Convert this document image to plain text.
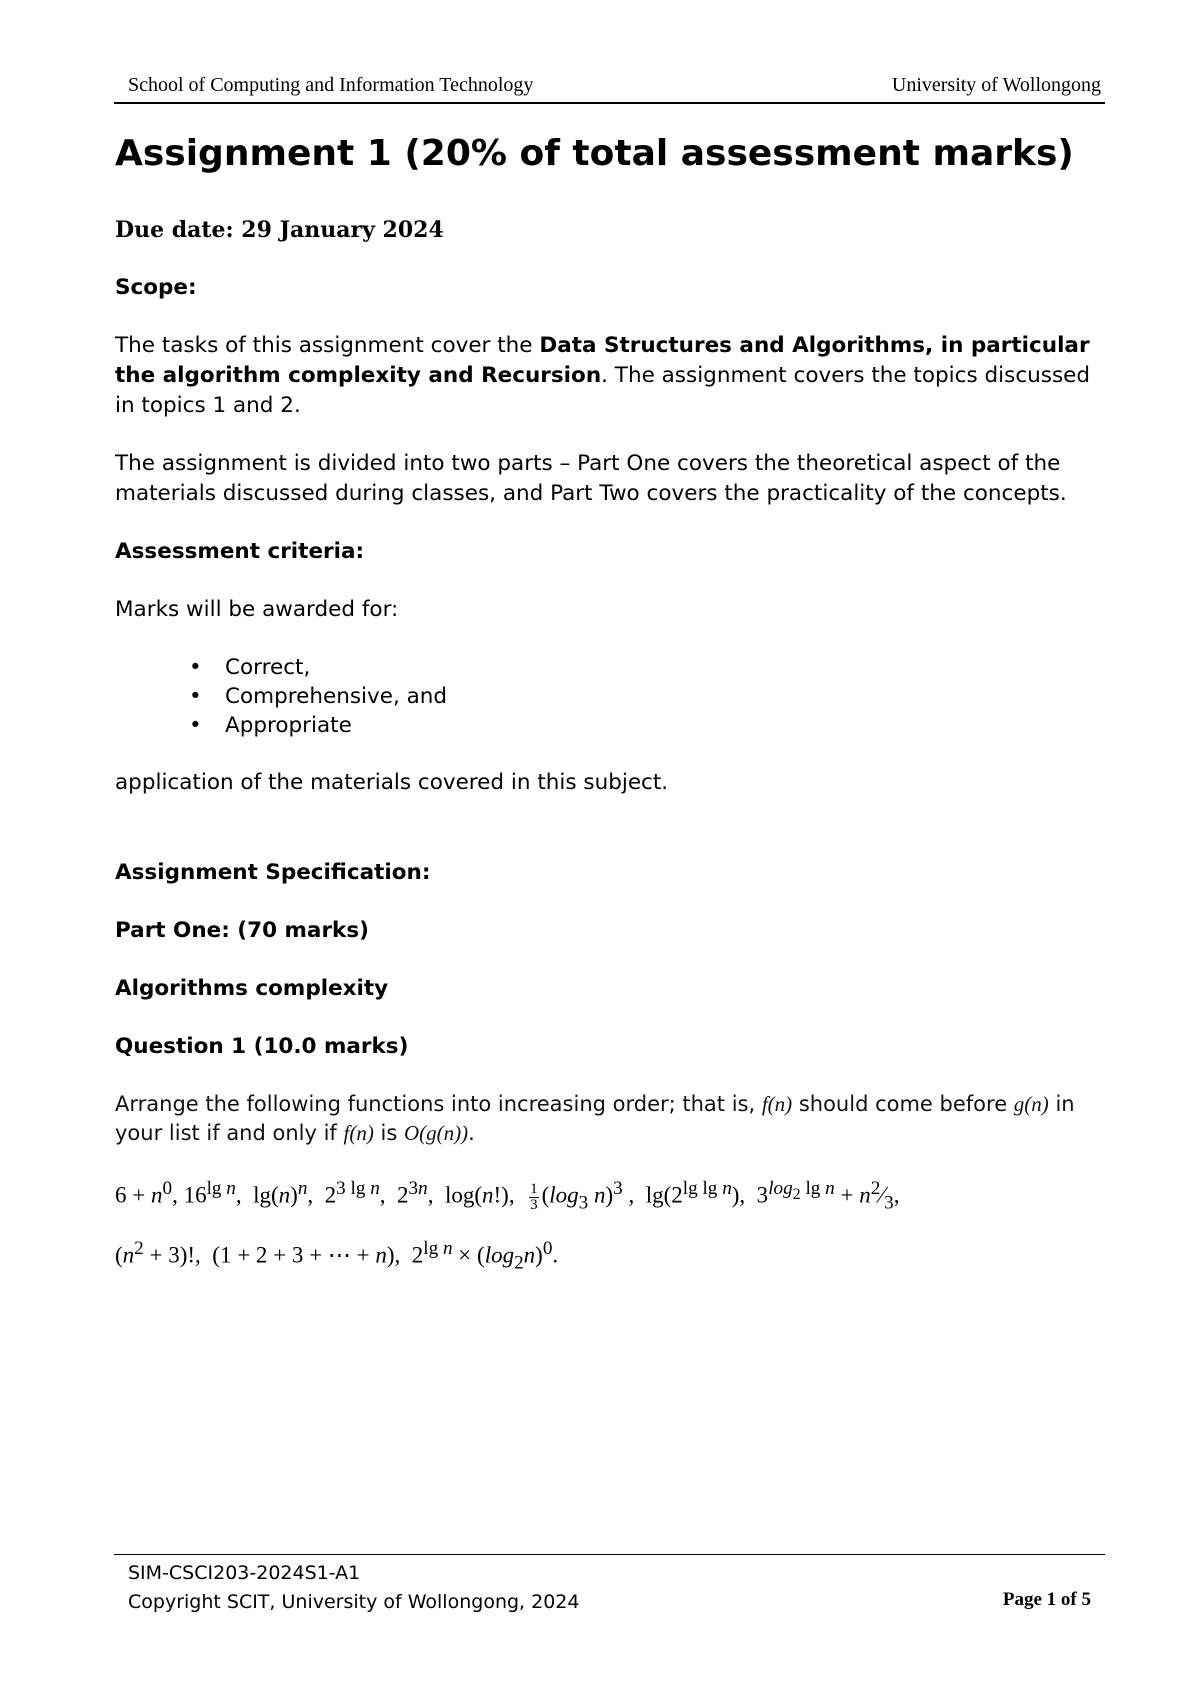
School of Computing and Information Technology	University of Wollongong
Assignment 1 (20% of total assessment marks)

Due date: 29 January 2024

Scope:

The tasks of this assignment cover the Data Structures and Algorithms, in particular the algorithm complexity and Recursion. The assignment covers the topics discussed in topics 1 and 2.

The assignment is divided into two parts – Part One covers the theoretical aspect of the materials discussed during classes, and Part Two covers the practicality of the concepts.

Assessment criteria:

Marks will be awarded for:

• Correct,
• Comprehensive, and
• Appropriate

application of the materials covered in this subject.

Assignment Specification:

Part One: (70 marks)

Algorithms complexity

Question 1 (10.0 marks)

Arrange the following functions into increasing order; that is, f(n) should come before g(n) in your list if and only if f(n) is O(g(n)).

$6 + n^0$, $16^{lg n}$,  $\lg(n)^n$,  $2^{3 lg n}$,  $2^{3n}$,  log(n!), $\frac{1}{3} (\log_3$ n)$^3$ ,  $\lg(2^{lg lg n})$,  $3^{log_2 lg n}$ + $n^2⁄_3$,
$(n^2 + 3)$!,  (1 + 2 + 3 + ⋯ + n),  $2^{lg n} \times (\log_2n)^0$.
SIM-CSCI203-2024S1-A1
Copyright SCIT, University of Wollongong, 2024	Page 1 of 5
